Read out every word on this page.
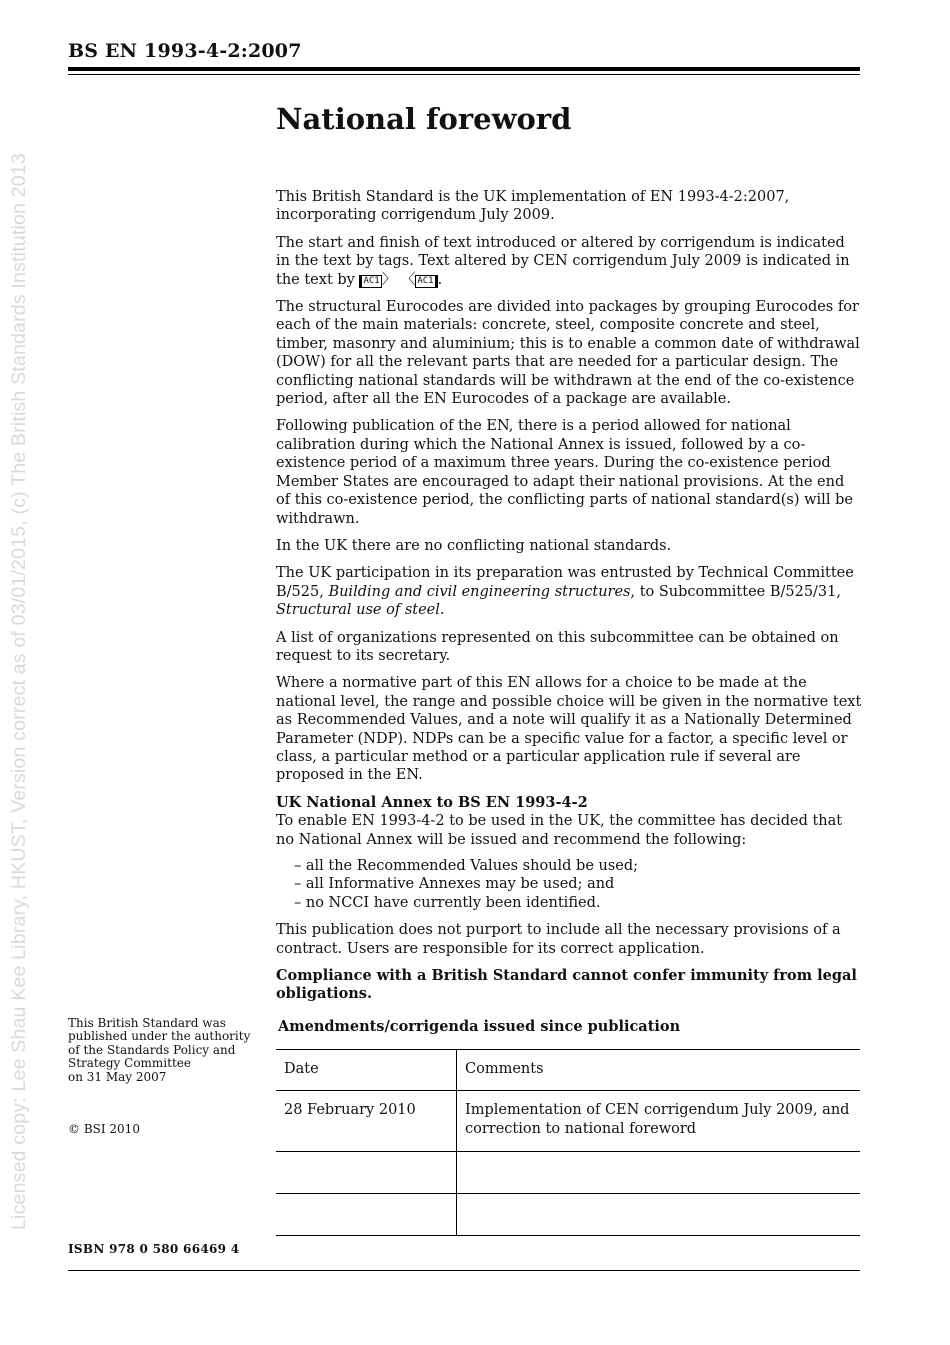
BS EN 1993-4-2:2007
Licensed copy: Lee Shau Kee Library, HKUST, Version correct as of 03/01/2015, (c) The British Standards Institution 2013
National foreword

This British Standard is the UK implementation of EN 1993-4-2:2007, incorporating corrigendum July 2009.

The start and finish of text introduced or altered by corrigendum is indicated in the text by tags. Text altered by CEN corrigendum July 2009 is indicated in the text by AC1 〉 〈 AC1 .

The structural Eurocodes are divided into packages by grouping Eurocodes for each of the main materials: concrete, steel, composite concrete and steel, timber, masonry and aluminium; this is to enable a common date of withdrawal (DOW) for all the relevant parts that are needed for a particular design. The conflicting national standards will be withdrawn at the end of the co-existence period, after all the EN Eurocodes of a package are available.

Following publication of the EN, there is a period allowed for national calibration during which the National Annex is issued, followed by a co-existence period of a maximum three years. During the co-existence period Member States are encouraged to adapt their national provisions. At the end of this co-existence period, the conflicting parts of national standard(s) will be withdrawn.

In the UK there are no conflicting national standards.

The UK participation in its preparation was entrusted by Technical Committee B/525, Building and civil engineering structures, to Subcommittee B/525/31, Structural use of steel.

A list of organizations represented on this subcommittee can be obtained on request to its secretary.

Where a normative part of this EN allows for a choice to be made at the national level, the range and possible choice will be given in the normative text as Recommended Values, and a note will qualify it as a Nationally Determined Parameter (NDP). NDPs can be a specific value for a factor, a specific level or class, a particular method or a particular application rule if several are proposed in the EN.

UK National Annex to BS EN 1993-4-2

To enable EN 1993-4-2 to be used in the UK, the committee has decided that no National Annex will be issued and recommend the following:

– all the Recommended Values should be used;
– all Informative Annexes may be used; and
– no NCCI have currently been identified.

This publication does not purport to include all the necessary provisions of a contract. Users are responsible for its correct application.

Compliance with a British Standard cannot confer immunity from legal obligations.

Amendments/corrigenda issued since publication
Date	Comments
28 February 2010	Implementation of CEN corrigendum July 2009, and correction to national foreword

This British Standard was
published under the authority
of the Standards Policy and
Strategy Committee
on 31 May 2007
© BSI 2010
ISBN 978 0 580 66469 4
